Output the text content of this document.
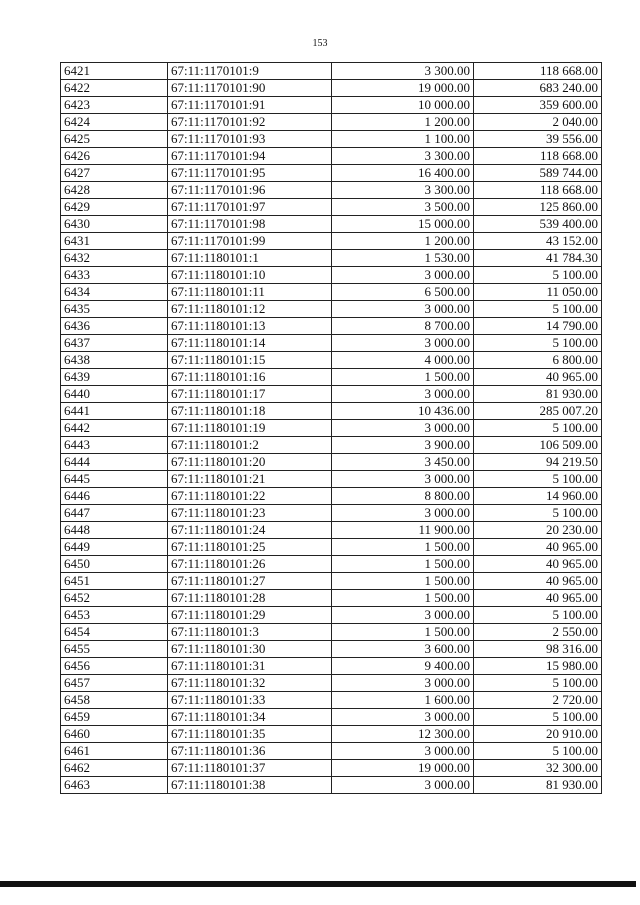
153
6421	67:11:1170101:9	3 300.00	118 668.00
6422	67:11:1170101:90	19 000.00	683 240.00
6423	67:11:1170101:91	10 000.00	359 600.00
6424	67:11:1170101:92	1 200.00	2 040.00
6425	67:11:1170101:93	1 100.00	39 556.00
6426	67:11:1170101:94	3 300.00	118 668.00
6427	67:11:1170101:95	16 400.00	589 744.00
6428	67:11:1170101:96	3 300.00	118 668.00
6429	67:11:1170101:97	3 500.00	125 860.00
6430	67:11:1170101:98	15 000.00	539 400.00
6431	67:11:1170101:99	1 200.00	43 152.00
6432	67:11:1180101:1	1 530.00	41 784.30
6433	67:11:1180101:10	3 000.00	5 100.00
6434	67:11:1180101:11	6 500.00	11 050.00
6435	67:11:1180101:12	3 000.00	5 100.00
6436	67:11:1180101:13	8 700.00	14 790.00
6437	67:11:1180101:14	3 000.00	5 100.00
6438	67:11:1180101:15	4 000.00	6 800.00
6439	67:11:1180101:16	1 500.00	40 965.00
6440	67:11:1180101:17	3 000.00	81 930.00
6441	67:11:1180101:18	10 436.00	285 007.20
6442	67:11:1180101:19	3 000.00	5 100.00
6443	67:11:1180101:2	3 900.00	106 509.00
6444	67:11:1180101:20	3 450.00	94 219.50
6445	67:11:1180101:21	3 000.00	5 100.00
6446	67:11:1180101:22	8 800.00	14 960.00
6447	67:11:1180101:23	3 000.00	5 100.00
6448	67:11:1180101:24	11 900.00	20 230.00
6449	67:11:1180101:25	1 500.00	40 965.00
6450	67:11:1180101:26	1 500.00	40 965.00
6451	67:11:1180101:27	1 500.00	40 965.00
6452	67:11:1180101:28	1 500.00	40 965.00
6453	67:11:1180101:29	3 000.00	5 100.00
6454	67:11:1180101:3	1 500.00	2 550.00
6455	67:11:1180101:30	3 600.00	98 316.00
6456	67:11:1180101:31	9 400.00	15 980.00
6457	67:11:1180101:32	3 000.00	5 100.00
6458	67:11:1180101:33	1 600.00	2 720.00
6459	67:11:1180101:34	3 000.00	5 100.00
6460	67:11:1180101:35	12 300.00	20 910.00
6461	67:11:1180101:36	3 000.00	5 100.00
6462	67:11:1180101:37	19 000.00	32 300.00
6463	67:11:1180101:38	3 000.00	81 930.00
